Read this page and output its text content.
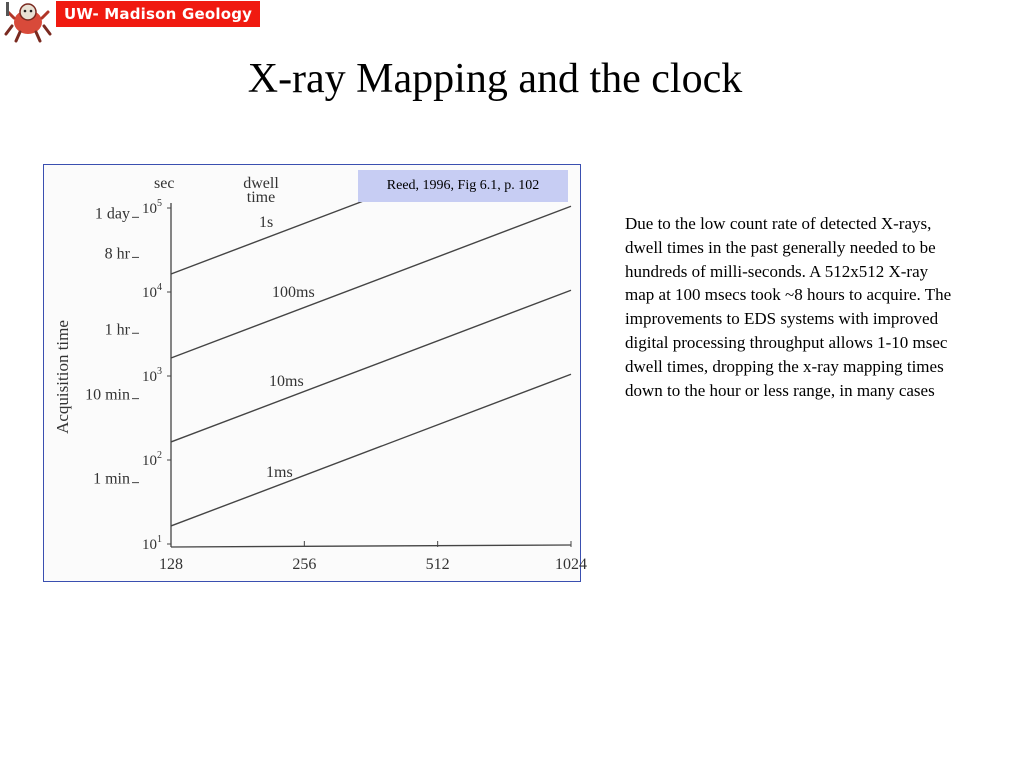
UW- Madison Geology 777
X-ray Mapping and the clock
sec	dwell time
Acquisition time
128	256	512	1024
$10^1$
$10^2$
$10^3$
$10^4$
$10^5$
1 day
8 hr
1 hr
10 min
1 min
1s
100ms
10ms
1ms
Reed, 1996, Fig 6.1, p. 102
Due to the low count rate of detected X-rays, dwell times in the past generally needed to be hundreds of milli-seconds. A 512x512 X-ray map at 100 msecs took ~8 hours to acquire. The improvements to EDS systems with improved digital processing throughput allows 1-10 msec dwell times, dropping the x-ray mapping times down to the hour or less range, in many cases
